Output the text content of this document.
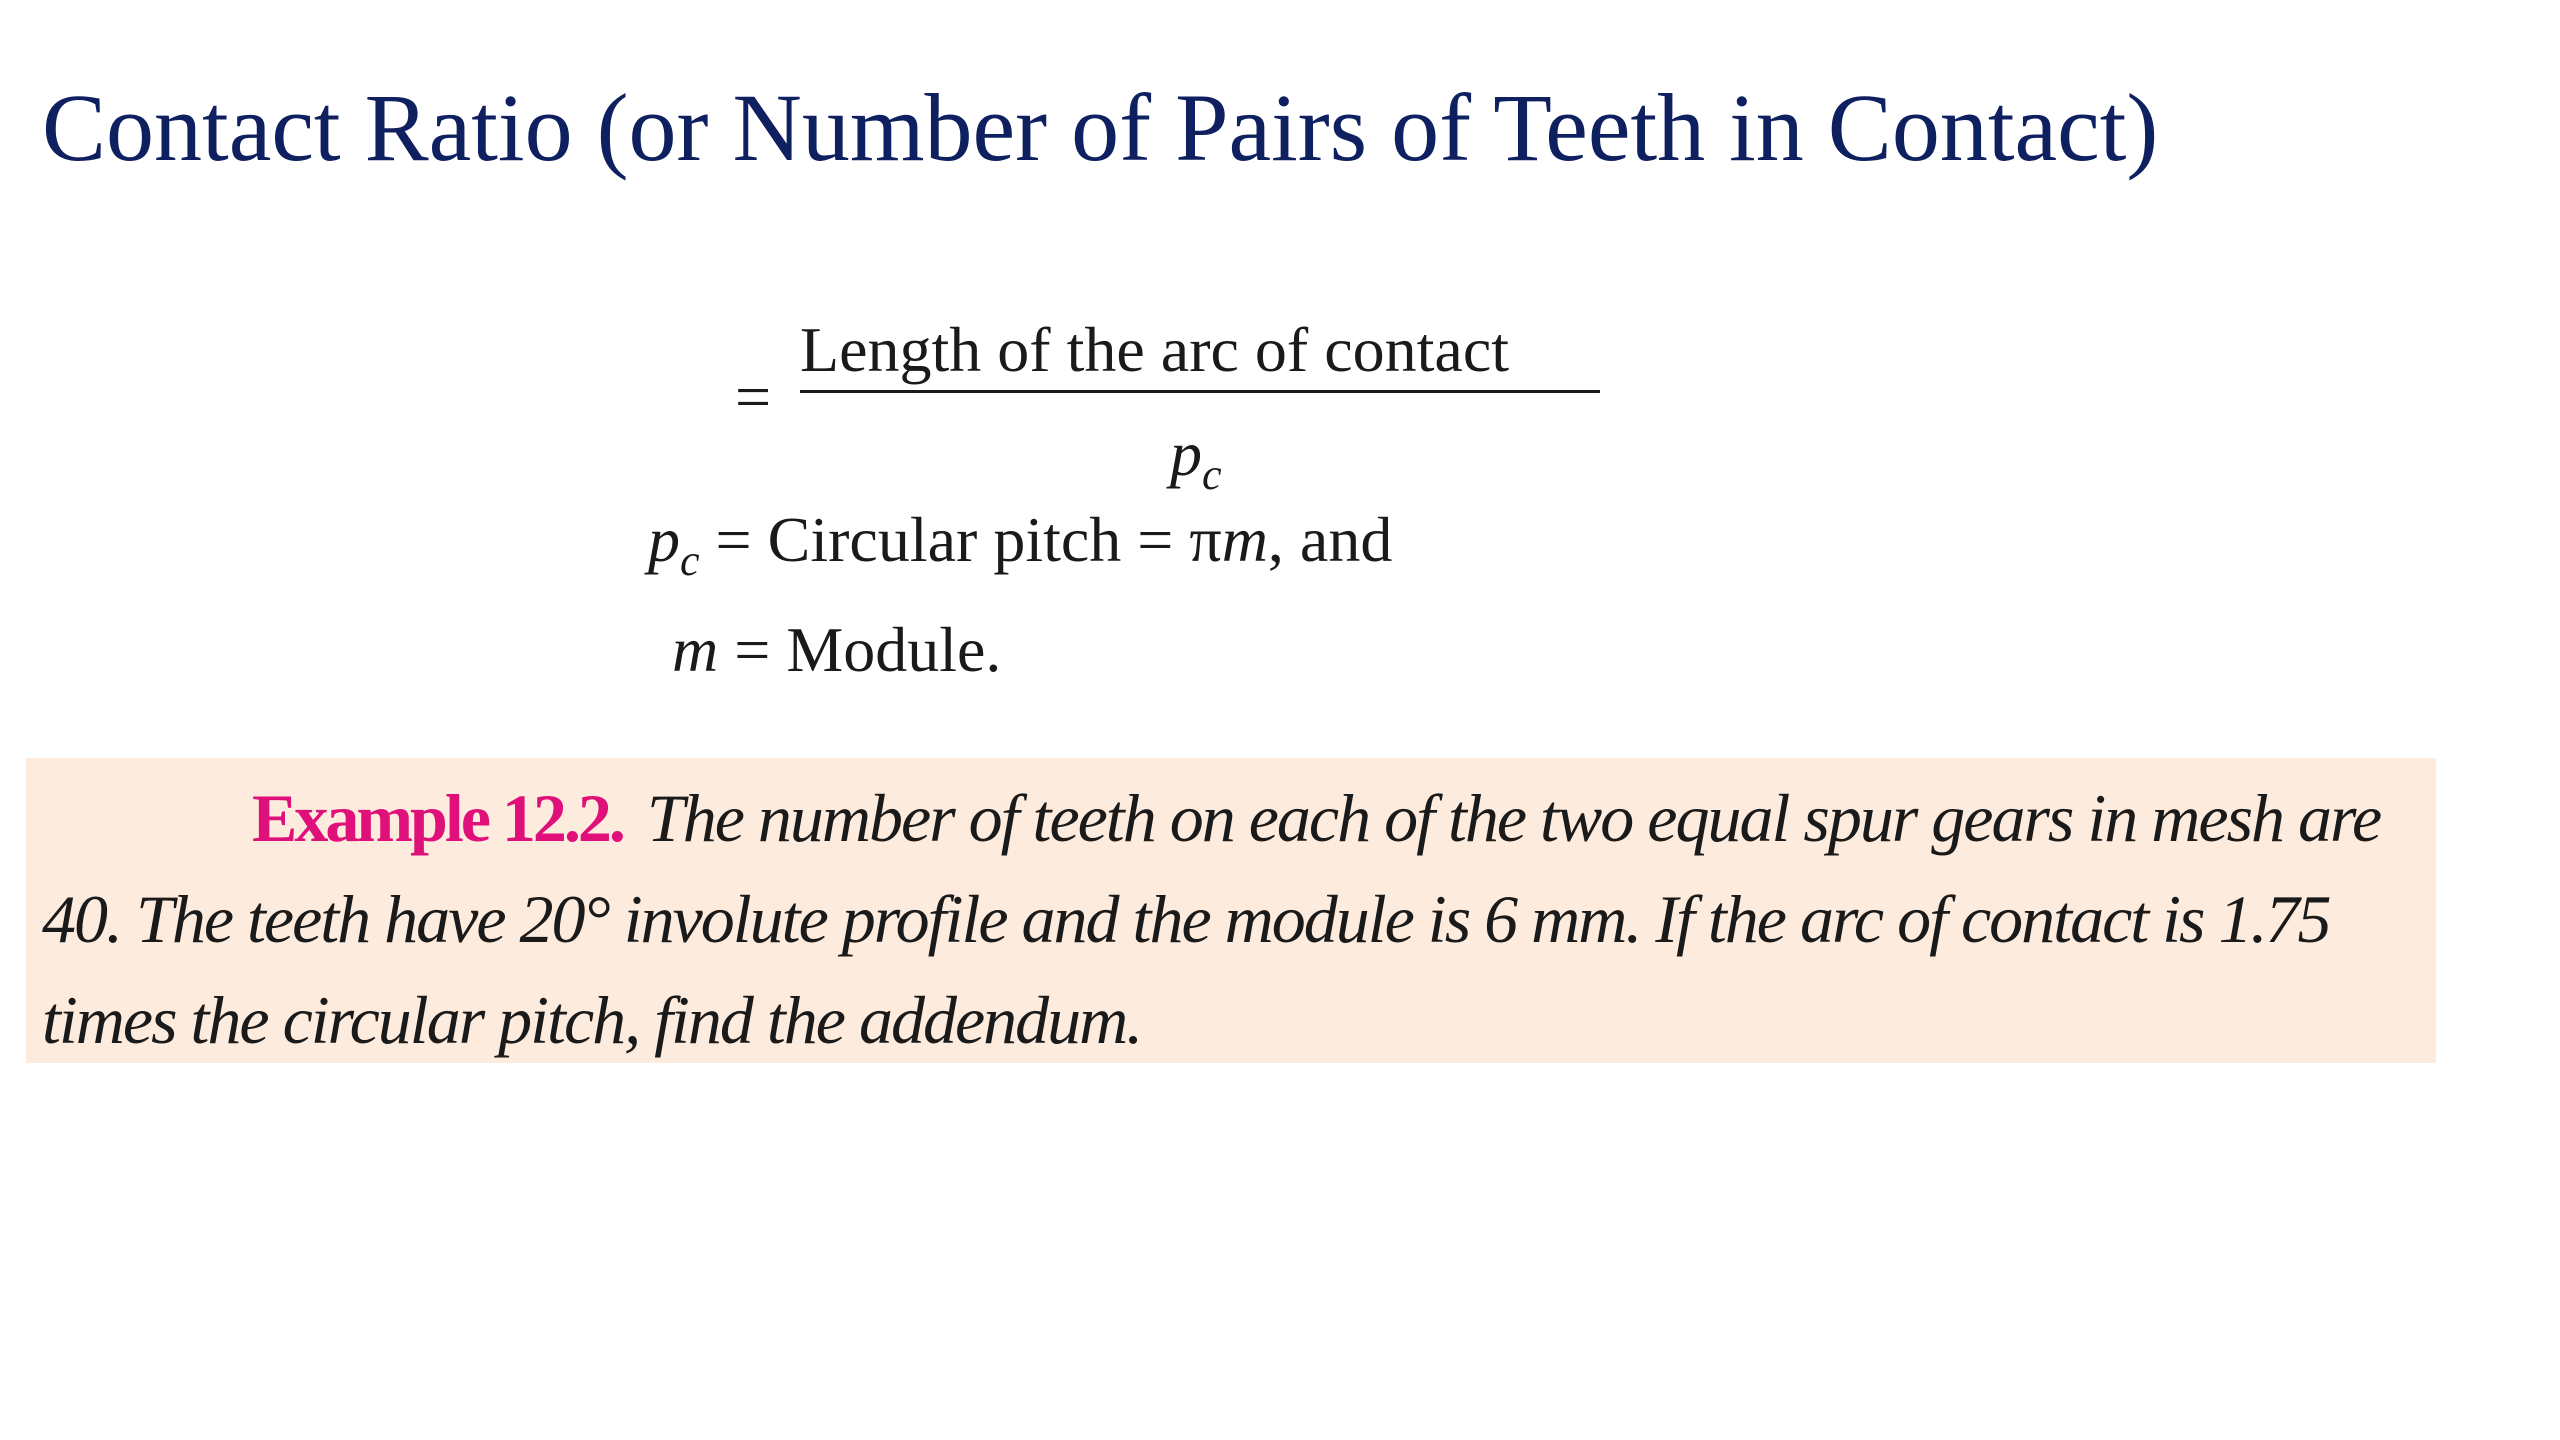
Contact Ratio (or Number of Pairs of Teeth in Contact)
=
Length of the arc of contact
$p_c$
$p_c$ = Circular pitch = πm, and
m = Module.

Example 12.2. The number of teeth on each of the two equal spur gears in mesh are 40. The teeth have 20° involute profile and the module is 6 mm. If the arc of contact is 1.75 times the circular pitch, find the addendum.
